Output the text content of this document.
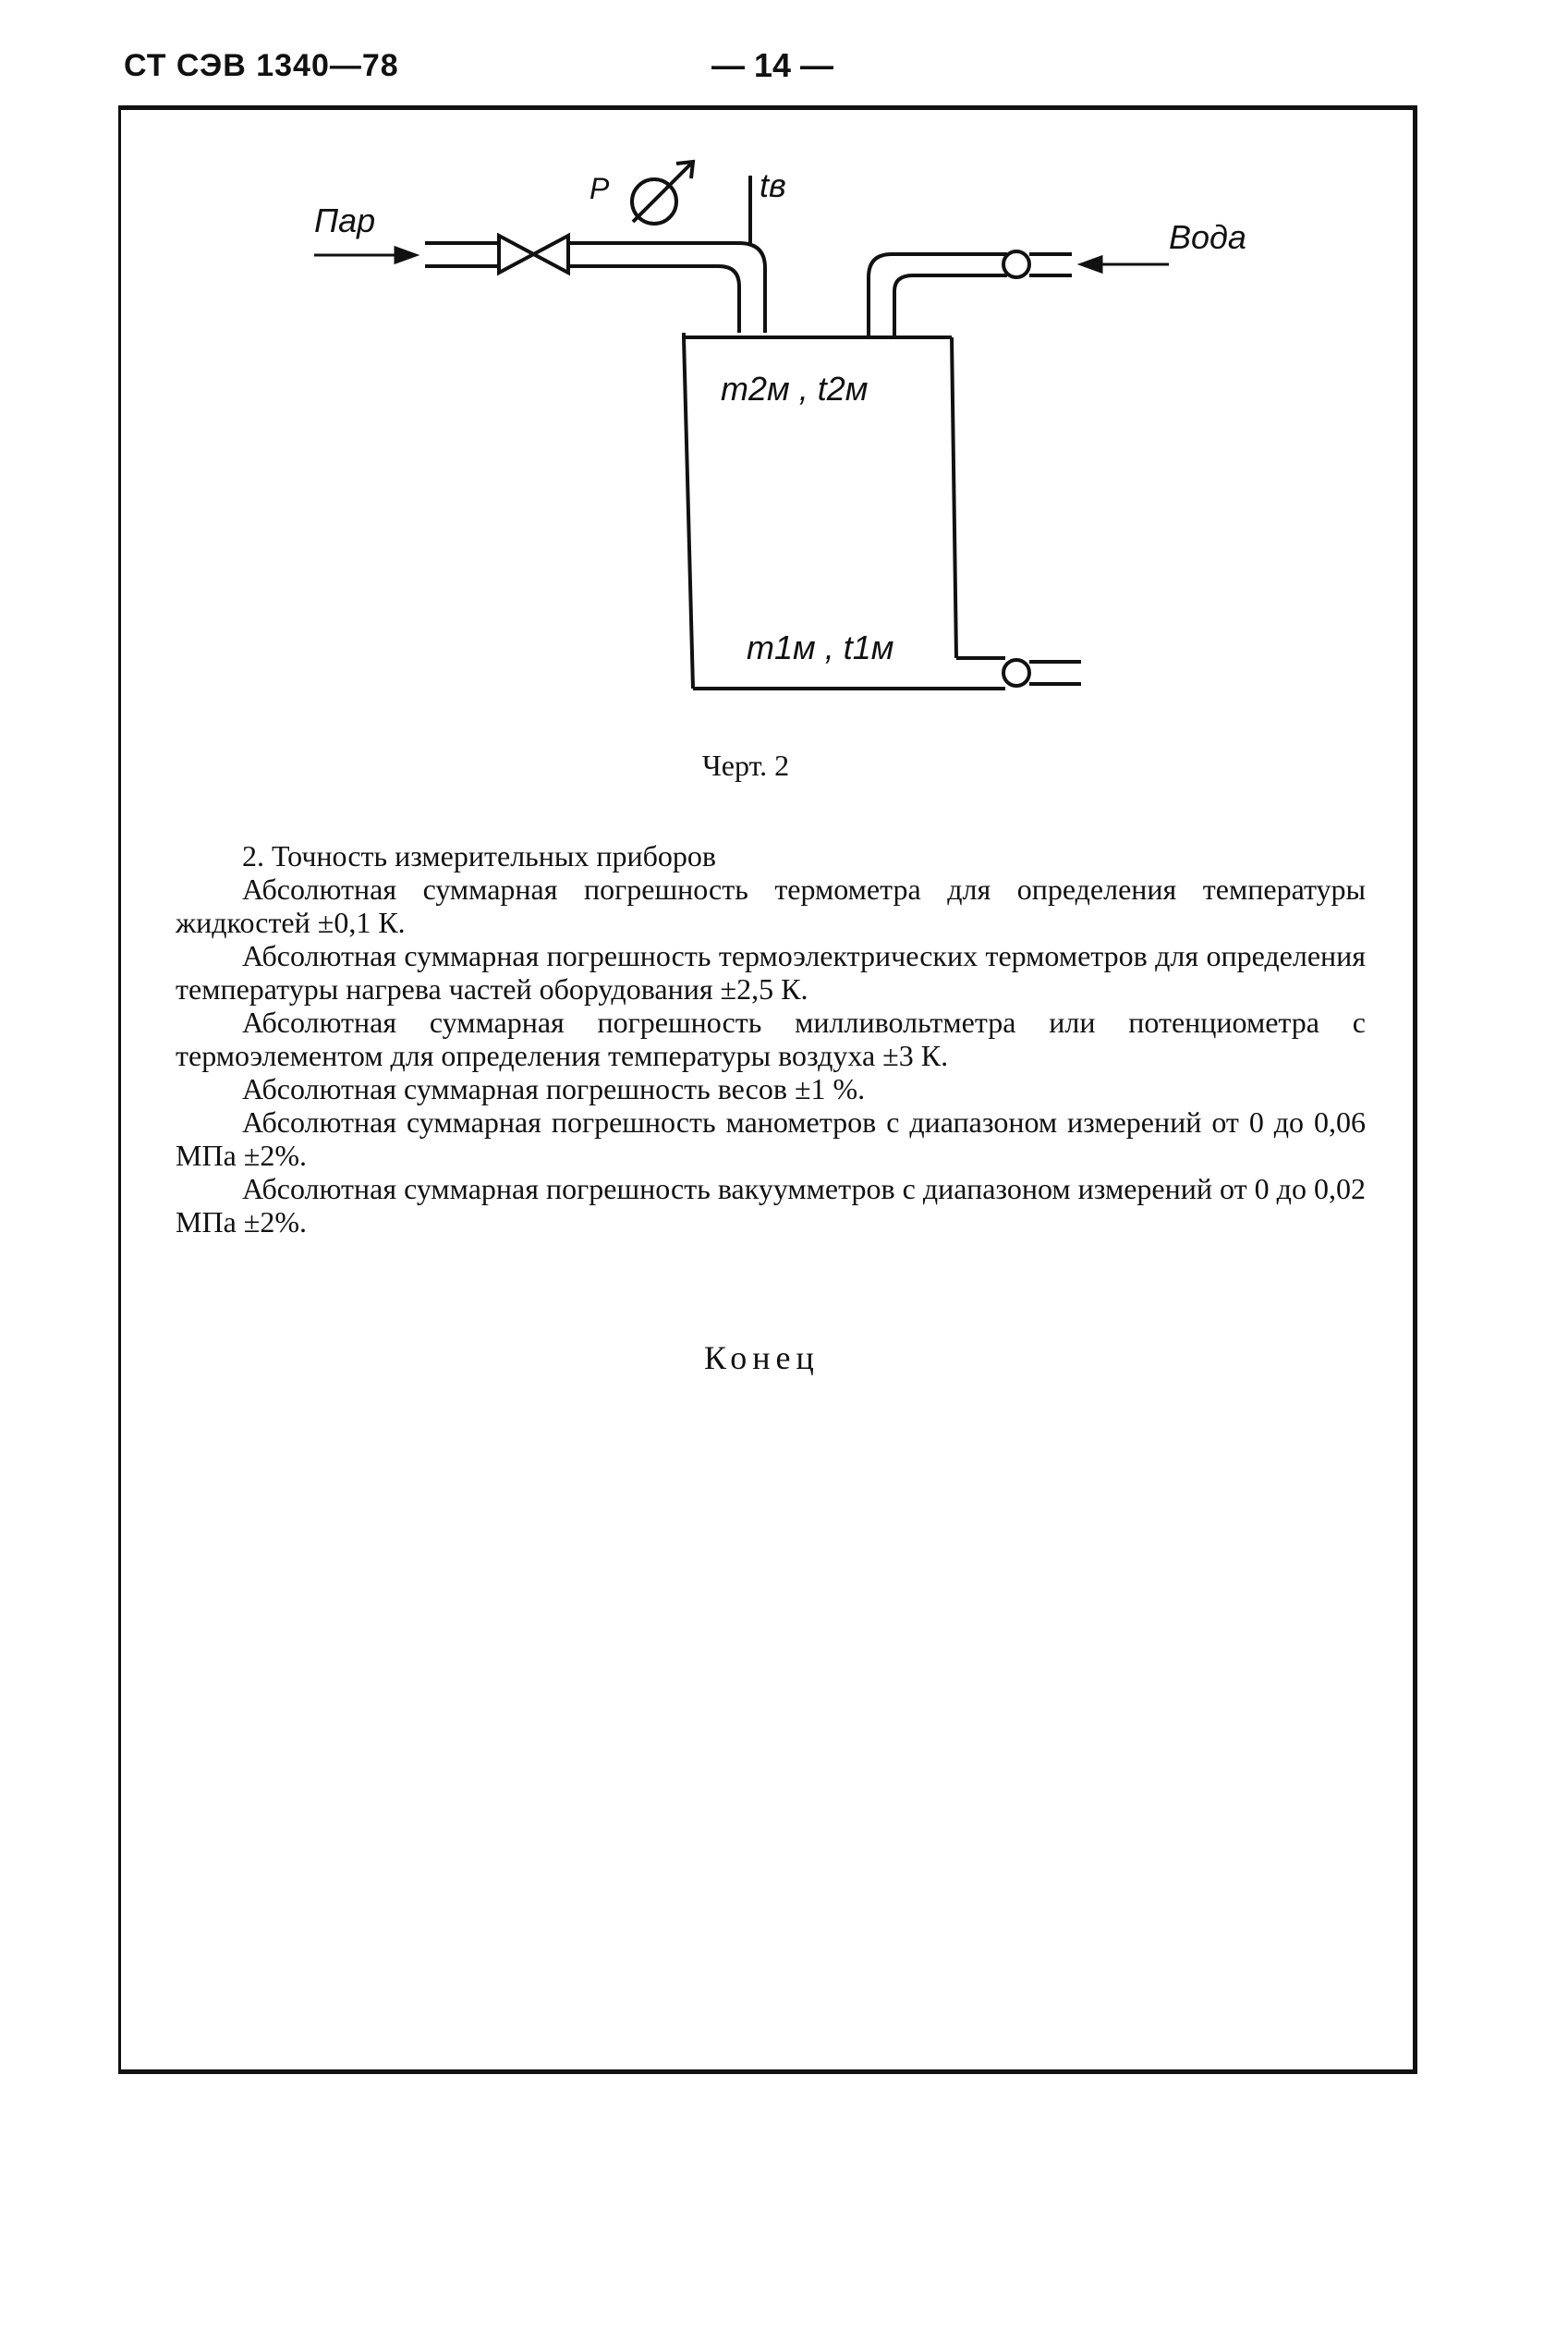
СТ СЭВ 1340—78	— 14 —
Пар	Вода
Р	tв
m2м , t2м
m1м , t1м
Черт. 2

2. Точность измерительных приборов

Абсолютная суммарная погрешность термометра для определения температуры жидкостей ±0,1 К.

Абсолютная суммарная погрешность термоэлектрических термометров для определения температуры нагрева частей оборудования ±2,5 К.

Абсолютная суммарная погрешность милливольтметра или потенциометра с термоэлементом для определения температуры воздуха ±3 К.

Абсолютная суммарная погрешность весов ±1 %.

Абсолютная суммарная погрешность манометров с диапазоном измерений от 0 до 0,06 МПа ±2%.

Абсолютная суммарная погрешность вакуумметров с диапазоном измерений от 0 до 0,02 МПа ±2%.

Конец
